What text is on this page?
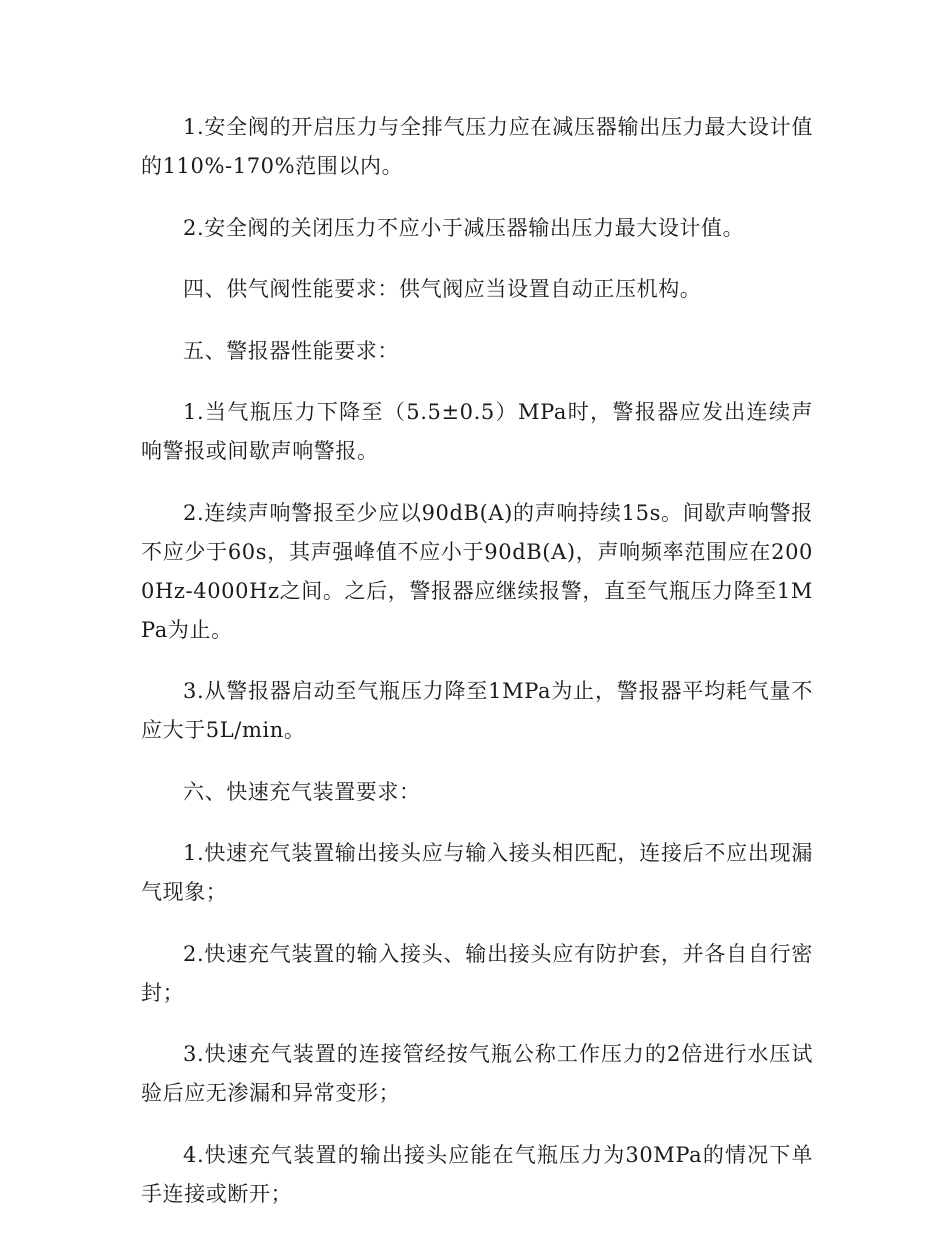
1.安全阀的开启压力与全排气压力应在减压器输出压力最大设计值的110%-170%范围以内。

2.安全阀的关闭压力不应小于减压器输出压力最大设计值。

四、供气阀性能要求：供气阀应当设置自动正压机构。

五、警报器性能要求：

1.当气瓶压力下降至（5.5±0.5）MPa时，警报器应发出连续声响警报或间歇声响警报。

2.连续声响警报至少应以90dB(A)的声响持续15s。间歇声响警报不应少于60s，其声强峰值不应小于90dB(A)，声响频率范围应在2000Hz-4000Hz之间。之后，警报器应继续报警，直至气瓶压力降至1MPa为止。

3.从警报器启动至气瓶压力降至1MPa为止，警报器平均耗气量不应大于5L/min。

六、快速充气装置要求：

1.快速充气装置输出接头应与输入接头相匹配，连接后不应出现漏气现象；

2.快速充气装置的输入接头、输出接头应有防护套，并各自自行密封；

3.快速充气装置的连接管经按气瓶公称工作压力的2倍进行水压试验后应无渗漏和异常变形；

4.快速充气装置的输出接头应能在气瓶压力为30MPa的情况下单手连接或断开；
